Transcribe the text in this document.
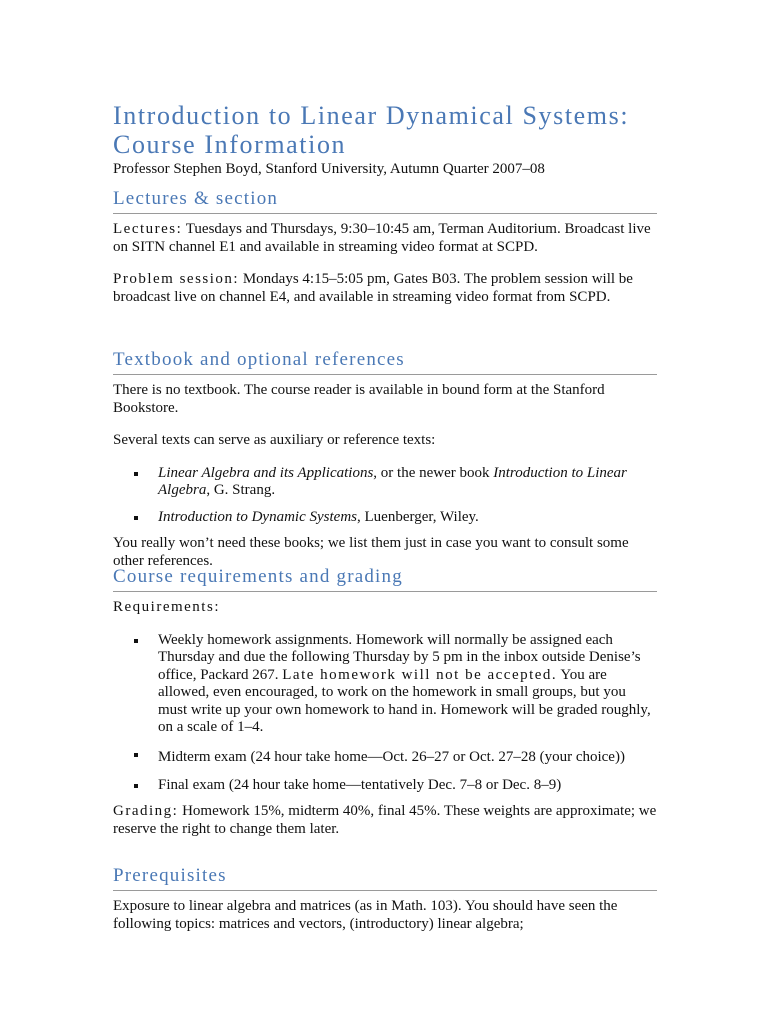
Introduction to Linear Dynamical Systems: Course Information
Professor Stephen Boyd, Stanford University, Autumn Quarter 2007–08
Lectures & section

Lectures: Tuesdays and Thursdays, 9:30–10:45 am, Terman Auditorium. Broadcast live on SITN channel E1 and available in streaming video format at SCPD.

Problem session: Mondays 4:15–5:05 pm, Gates B03. The problem session will be broadcast live on channel E4, and available in streaming video format from SCPD.

Textbook and optional references

There is no textbook. The course reader is available in bound form at the Stanford Bookstore.

Several texts can serve as auxiliary or reference texts:

Linear Algebra and its Applications, or the newer book Introduction to Linear Algebra, G. Strang.
Introduction to Dynamic Systems, Luenberger, Wiley.

You really won’t need these books; we list them just in case you want to consult some other references.

Course requirements and grading

Requirements:

Weekly homework assignments. Homework will normally be assigned each Thursday and due the following Thursday by 5 pm in the inbox outside Denise’s office, Packard 267. Late homework will not be accepted. You are allowed, even encouraged, to work on the homework in small groups, but you must write up your own homework to hand in. Homework will be graded roughly, on a scale of 1–4.
Midterm exam (24 hour take home—Oct. 26–27 or Oct. 27–28 (your choice))
Final exam (24 hour take home—tentatively Dec. 7–8 or Dec. 8–9)

Grading: Homework 15%, midterm 40%, final 45%. These weights are approximate; we reserve the right to change them later.

Prerequisites

Exposure to linear algebra and matrices (as in Math. 103). You should have seen the following topics: matrices and vectors, (introductory) linear algebra;
